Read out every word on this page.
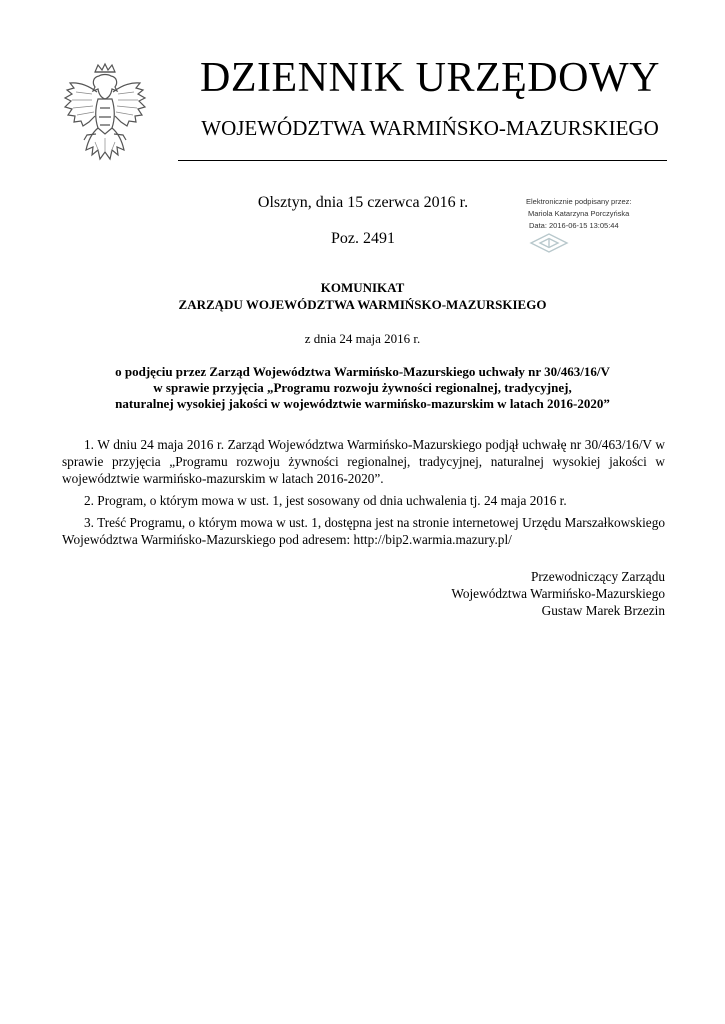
DZIENNIK URZĘDOWY
WOJEWÓDZTWA WARMIŃSKO-MAZURSKIEGO
Olsztyn, dnia 15 czerwca 2016 r.
Poz. 2491
Elektronicznie podpisany przez:
Mariola Katarzyna Porczyńska
Data: 2016-06-15 13:05:44
KOMUNIKAT
ZARZĄDU WOJEWÓDZTWA WARMIŃSKO-MAZURSKIEGO
z dnia 24 maja 2016 r.
o podjęciu przez Zarząd Województwa Warmińsko-Mazurskiego uchwały nr 30/463/16/V
w sprawie przyjęcia „Programu rozwoju żywności regionalnej, tradycyjnej,
naturalnej wysokiej jakości w województwie warmińsko-mazurskim w latach 2016-2020”

1. W dniu 24 maja 2016 r. Zarząd Województwa Warmińsko-Mazurskiego podjął uchwałę nr 30/463/16/V w sprawie przyjęcia „Programu rozwoju żywności regionalnej, tradycyjnej, naturalnej wysokiej jakości w województwie warmińsko-mazurskim w latach 2016-2020”.

2. Program, o którym mowa w ust. 1, jest sosowany od dnia uchwalenia tj. 24 maja 2016 r.

3. Treść Programu, o którym mowa w ust. 1, dostępna jest na stronie internetowej Urzędu Marszałkowskiego Województwa Warmińsko-Mazurskiego pod adresem: http://bip2.warmia.mazury.pl/

Przewodniczący Zarządu
Województwa Warmińsko-Mazurskiego
Gustaw Marek Brzezin
